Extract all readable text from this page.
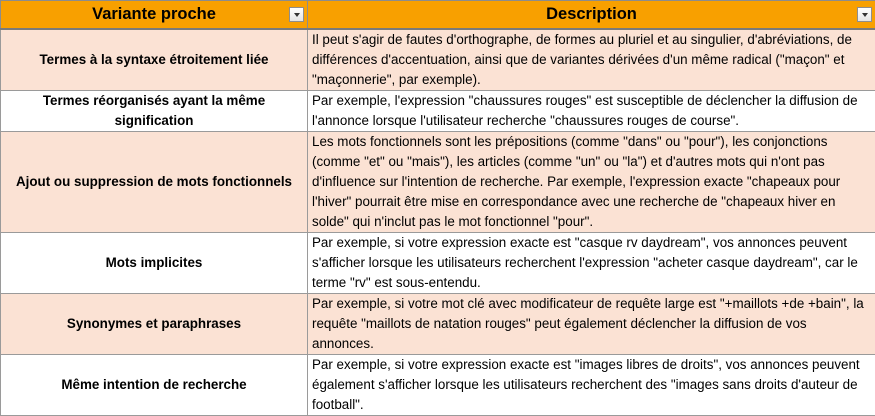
Variante proche	Description

Termes à la syntaxe étroitement liée	Il peut s'agir de fautes d'orthographe, de formes au pluriel et au singulier, d'abréviations, de différences d'accentuation, ainsi que de variantes dérivées d'un même radical ("maçon" et "maçonnerie", par exemple).
Termes réorganisés ayant la même signification	Par exemple, l'expression "chaussures rouges" est susceptible de déclencher la diffusion de l'annonce lorsque l'utilisateur recherche "chaussures rouges de course".
Ajout ou suppression de mots fonctionnels	Les mots fonctionnels sont les prépositions (comme "dans" ou "pour"), les conjonctions (comme "et" ou "mais"), les articles (comme "un" ou "la") et d'autres mots qui n'ont pas d'influence sur l'intention de recherche. Par exemple, l'expression exacte "chapeaux pour l'hiver" pourrait être mise en correspondance avec une recherche de "chapeaux hiver en solde" qui n'inclut pas le mot fonctionnel "pour".
Mots implicites	Par exemple, si votre expression exacte est "casque rv daydream", vos annonces peuvent s'afficher lorsque les utilisateurs recherchent l'expression "acheter casque daydream", car le terme "rv" est sous-entendu.
Synonymes et paraphrases	Par exemple, si votre mot clé avec modificateur de requête large est "+maillots +de +bain", la requête "maillots de natation rouges" peut également déclencher la diffusion de vos annonces.
Même intention de recherche	Par exemple, si votre expression exacte est "images libres de droits", vos annonces peuvent également s'afficher lorsque les utilisateurs recherchent des "images sans droits d'auteur de football".
